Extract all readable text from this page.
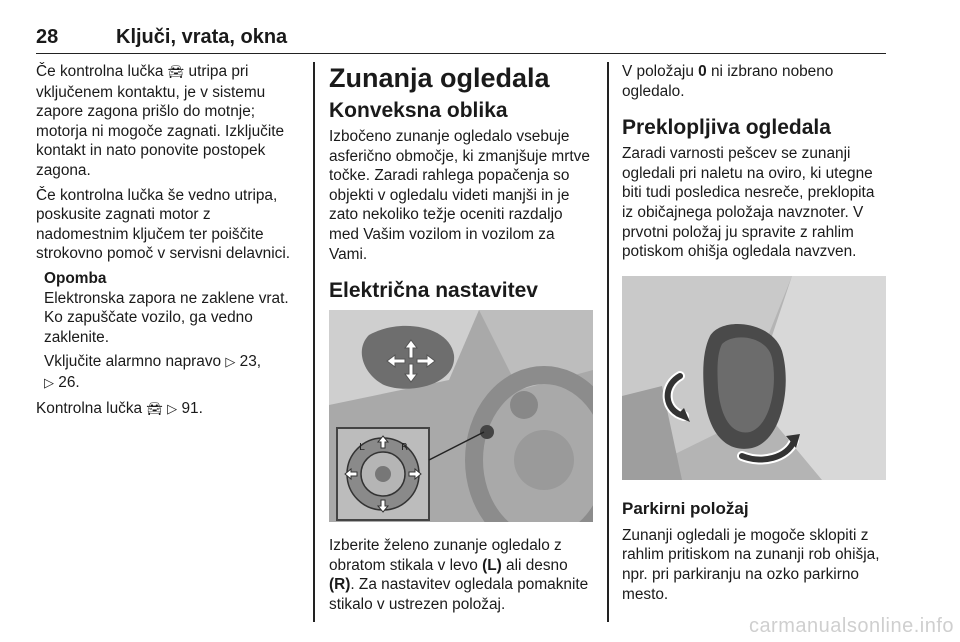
28	Ključi, vrata, okna

Če kontrolna lučka 🚘︎ utripa pri vključenem kontaktu, je v sistemu zapore zagona prišlo do motnje; motorja ni mogoče zagnati. Izključite kontakt in nato ponovite postopek zagona.

Če kontrolna lučka še vedno utripa, poskusite zagnati motor z nadomestnim ključem ter poiščite strokovno pomoč v servisni delavnici.

Opomba

Elektronska zapora ne zaklene vrat. Ko zapuščate vozilo, ga vedno zaklenite.

Vključite alarmno napravo ▷ 23,
▷ 26.

Kontrolna lučka 🚘︎ ▷ 91.

Zunanja ogledala
Konveksna oblika

Izbočeno zunanje ogledalo vsebuje asferično območje, ki zmanjšuje mrtve točke. Zaradi rahlega popačenja so objekti v ogledalu videti manjši in je zato nekoliko težje oceniti razdaljo med Vašim vozilom in vozilom za Vami.

Električna nastavitev
L	R

Izberite želeno zunanje ogledalo z obratom stikala v levo (L) ali desno (R). Za nastavitev ogledala pomaknite stikalo v ustrezen položaj.

V položaju 0 ni izbrano nobeno ogledalo.

Preklopljiva ogledala

Zaradi varnosti pešcev se zunanji ogledali pri naletu na oviro, ki utegne biti tudi posledica nesreče, preklopita iz običajnega položaja navznoter. V prvotni položaj ju spravite z rahlim potiskom ohišja ogledala navzven.

Parkirni položaj

Zunanji ogledali je mogoče sklopiti z rahlim pritiskom na zunanji rob ohišja, npr. pri parkiranju na ozko parkirno mesto.

carmanualsonline.info
